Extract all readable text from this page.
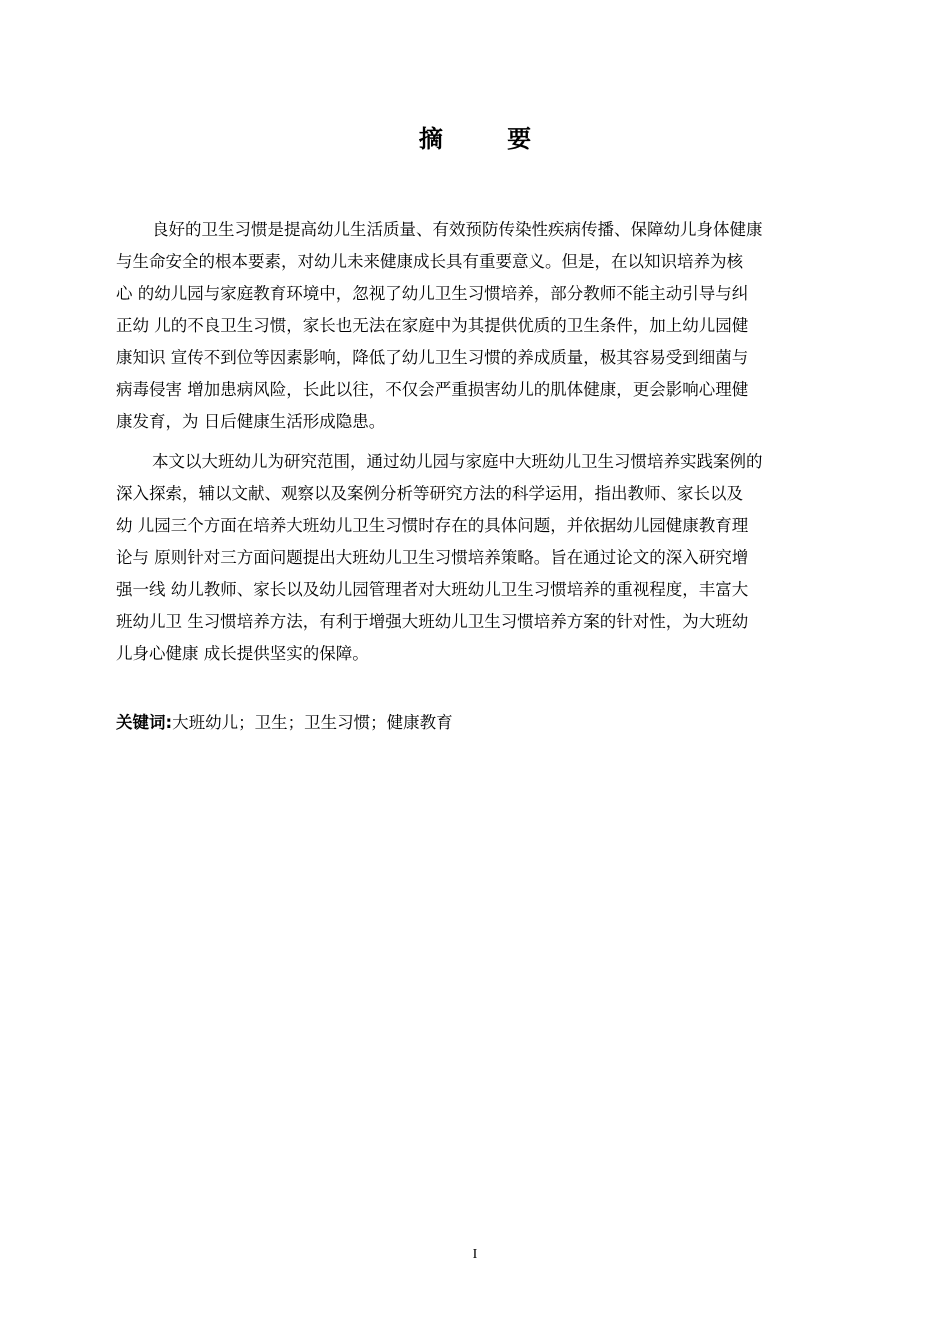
摘 要
良好的卫生习惯是提高幼儿生活质量、有效预防传染性疾病传播、保障幼儿身体健康
与生命安全的根本要素，对幼儿未来健康成长具有重要意义。但是，在以知识培养为核
心 的幼儿园与家庭教育环境中，忽视了幼儿卫生习惯培养，部分教师不能主动引导与纠
正幼 儿的不良卫生习惯，家长也无法在家庭中为其提供优质的卫生条件，加上幼儿园健
康知识 宣传不到位等因素影响，降低了幼儿卫生习惯的养成质量，极其容易受到细菌与
病毒侵害 增加患病风险，长此以往，不仅会严重损害幼儿的肌体健康，更会影响心理健
康发育，为 日后健康生活形成隐患。
本文以大班幼儿为研究范围，通过幼儿园与家庭中大班幼儿卫生习惯培养实践案例的
深入探索，辅以文献、观察以及案例分析等研究方法的科学运用，指出教师、家长以及
幼 儿园三个方面在培养大班幼儿卫生习惯时存在的具体问题，并依据幼儿园健康教育理
论与 原则针对三方面问题提出大班幼儿卫生习惯培养策略。旨在通过论文的深入研究增
强一线 幼儿教师、家长以及幼儿园管理者对大班幼儿卫生习惯培养的重视程度，丰富大
班幼儿卫 生习惯培养方法，有利于增强大班幼儿卫生习惯培养方案的针对性，为大班幼
儿身心健康 成长提供坚实的保障。
关键词:大班幼儿；卫生；卫生习惯；健康教育
I
